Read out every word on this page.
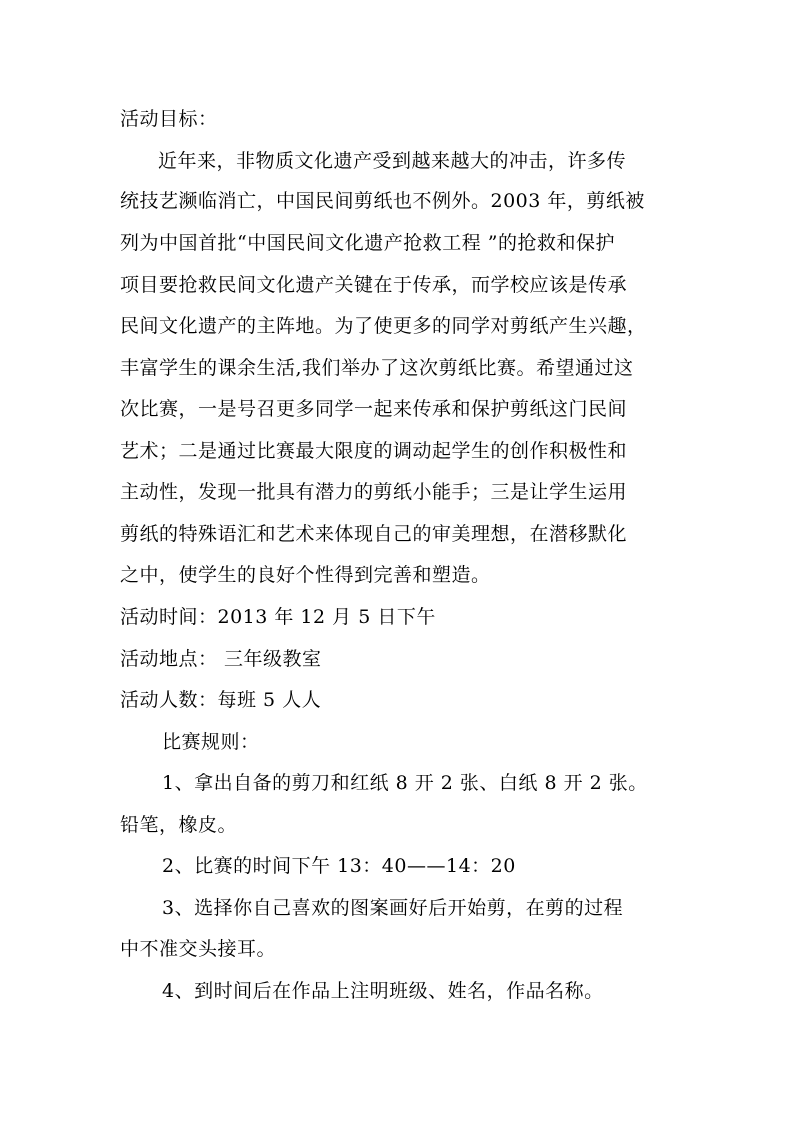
活动目标：
近年来，非物质文化遗产受到越来越大的冲击，许多传
统技艺濒临消亡，中国民间剪纸也不例外。2003 年，剪纸被
列为中国首批“中国民间文化遗产抢救工程 ”的抢救和保护
项目要抢救民间文化遗产关键在于传承，而学校应该是传承
民间文化遗产的主阵地。为了使更多的同学对剪纸产生兴趣，
丰富学生的课余生活,我们举办了这次剪纸比赛。希望通过这
次比赛，一是号召更多同学一起来传承和保护剪纸这门民间
艺术；二是通过比赛最大限度的调动起学生的创作积极性和
主动性，发现一批具有潜力的剪纸小能手；三是让学生运用
剪纸的特殊语汇和艺术来体现自己的审美理想，在潜移默化
之中，使学生的良好个性得到完善和塑造。
活动时间：2013 年 12 月 5 日下午
活动地点： 三年级教室
活动人数：每班 5 人人
比赛规则：
1、拿出自备的剪刀和红纸 8 开 2 张、白纸 8 开 2 张。
铅笔，橡皮。
2、比赛的时间下午 13：40——14：20
3、选择你自己喜欢的图案画好后开始剪，在剪的过程
中不准交头接耳。
4、到时间后在作品上注明班级、姓名，作品名称。
